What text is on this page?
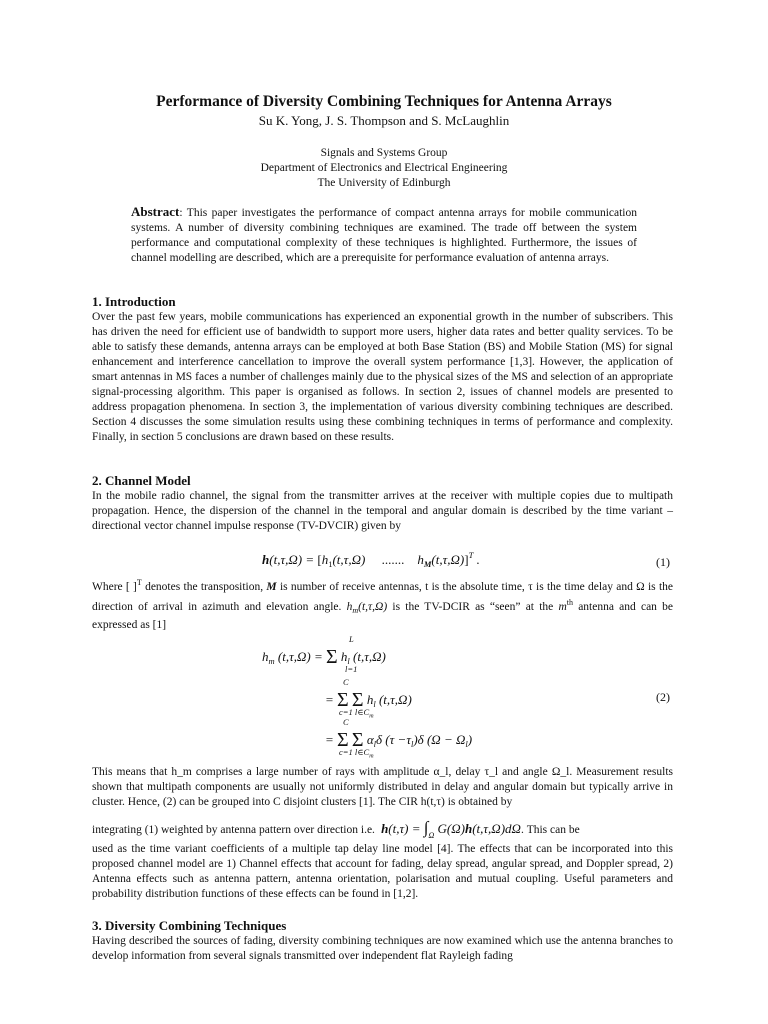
Performance of Diversity Combining Techniques for Antenna Arrays
Su K. Yong, J. S. Thompson and S. McLaughlin
Signals and Systems Group
Department of Electronics and Electrical Engineering
The University of Edinburgh
Abstract: This paper investigates the performance of compact antenna arrays for mobile communication systems. A number of diversity combining techniques are examined. The trade off between the system performance and computational complexity of these techniques is highlighted. Furthermore, the issues of channel modelling are described, which are a prerequisite for performance evaluation of antenna arrays.
1. Introduction

Over the past few years, mobile communications has experienced an exponential growth in the number of subscribers. This has driven the need for efficient use of bandwidth to support more users, higher data rates and better quality services. To be able to satisfy these demands, antenna arrays can be employed at both Base Station (BS) and Mobile Station (MS) for signal enhancement and interference cancellation to improve the overall system performance [1,3]. However, the application of smart antennas in MS faces a number of challenges mainly due to the physical sizes of the MS and selection of an appropriate signal-processing algorithm. This paper is organised as follows. In section 2, issues of channel models are presented to address propagation phenomena. In section 3, the implementation of various diversity combining techniques are described. Section 4 discusses the some simulation results using these combining techniques in terms of performance and complexity. Finally, in section 5 conclusions are drawn based on these results.

2. Channel Model

In the mobile radio channel, the signal from the transmitter arrives at the receiver with multiple copies due to multipath propagation. Hence, the dispersion of the channel in the temporal and angular domain is described by the time variant – directional vector channel impulse response (TV-DVCIR) given by

$h(t,\tau,\Omega) = [h_1(t,\tau,\Omega)$     ....... $h_M(t,\tau,\Omega)]^T$ .	(1)

Where [ ]$^T$ denotes the transposition, M is number of receive antennas, t is the absolute time, τ is the time delay and Ω is the direction of arrival in azimuth and elevation angle. $h_m(t,\tau,\Omega)$ is the TV-DCIR as “seen” at the $m^{th}$ antenna and can be expressed as [1]

L
$h_m$ (t,τ,Ω) = Σ $h_l$ (t,τ,Ω)
l=1
C
= Σ Σ $h_l$ (t,τ,Ω)
c=1 $l\in C_m$
C
= Σ Σ $\alpha_l\delta$ $(\tau -\tau_l)\delta$ $(\Omega - \Omega_l)$
c=1 $l\in C_m$
(2)

This means that h_m comprises a large number of rays with amplitude α_l, delay τ_l and angle Ω_l. Measurement results shown that multipath components are usually not uniformly distributed in delay and angular domain but typically arrive in cluster. Hence, (2) can be grouped into C disjoint clusters [1]. The CIR h(t,τ) is obtained by

integrating (1) weighted by antenna pattern over direction i.e. $h(t,\tau) = \int_\Omega$ G(Ω)h(t,τ,Ω)dΩ. This can be

used as the time variant coefficients of a multiple tap delay line model [4]. The effects that can be incorporated into this proposed channel model are 1) Channel effects that account for fading, delay spread, angular spread, and Doppler spread, 2) Antenna effects such as antenna pattern, antenna orientation, polarisation and mutual coupling. Useful parameters and probability distribution functions of these effects can be found in [1,2].

3. Diversity Combining Techniques

Having described the sources of fading, diversity combining techniques are now examined which use the antenna branches to develop information from several signals transmitted over independent flat Rayleigh fading
